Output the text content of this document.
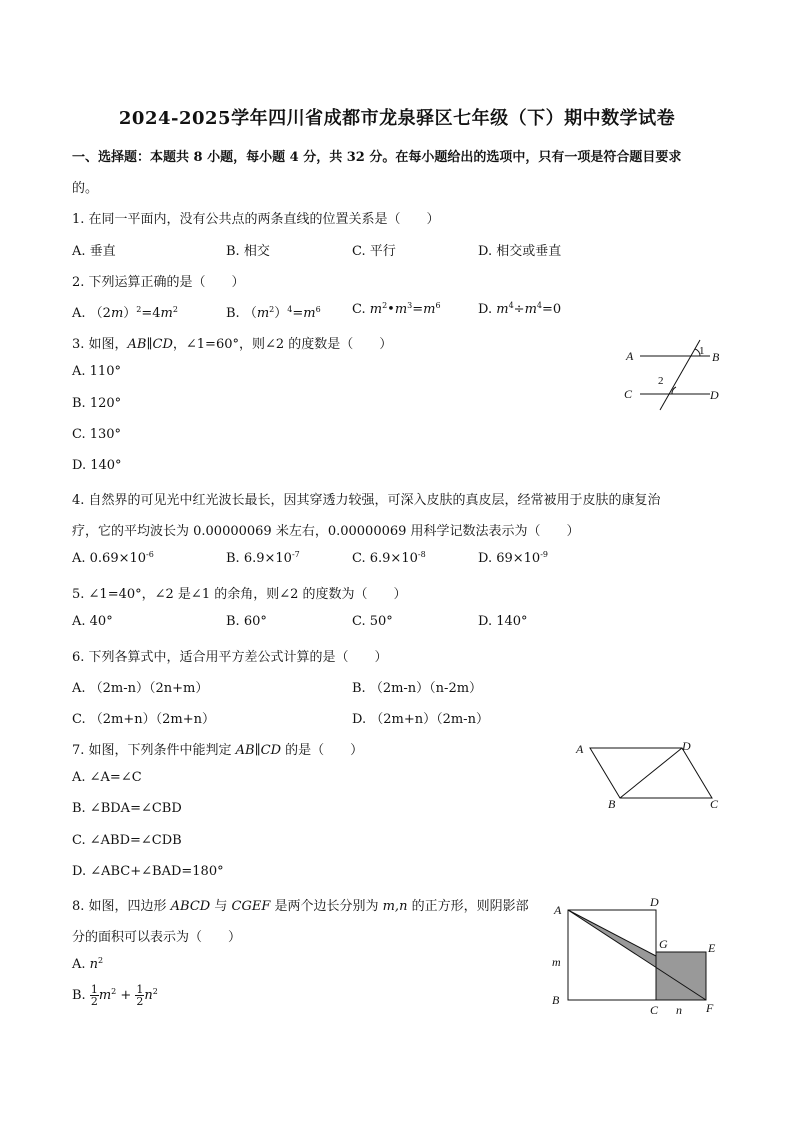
2024-2025学年四川省成都市龙泉驿区七年级（下）期中数学试卷
一、选择题：本题共 8 小题，每小题 4 分，共 32 分。在每小题给出的选项中，只有一项是符合题目要求
的。
1. 在同一平面内，没有公共点的两条直线的位置关系是（　　）
A. 垂直	B. 相交	C. 平行	D. 相交或垂直
2. 下列运算正确的是（　　）
A. $(2m)^2=4m^2$	B. $(m^2)^4=m^6$ C. $m^2•m^3=m^6$	D. $m^4\div m^4=0$
3. 如图，AB∥CD，∠1=60°，则∠2 的度数是（　　）
A. 110°
B. 120°
C. 130°
D. 140°
A	B
C	D
1
2
4. 自然界的可见光中红光波长最长，因其穿透力较强，可深入皮肤的真皮层，经常被用于皮肤的康复治
疗，它的平均波长为 0.00000069 米左右，0.00000069 用科学记数法表示为（　　）
A. $0.69\times 10^{-6}$	B. $6.9\times 10^{-7}$	C. $6.9\times 10^{-8}$	D. $69\times 10^{-9}$
5. ∠1=40°，∠2 是∠1 的余角，则∠2 的度数为（　　）
A. 40°	B. 60°	C. 50°	D. 140°
6. 下列各算式中，适合用平方差公式计算的是（　　）
A. （2m-n）（2n+m）	B. （2m-n）（n-2m）
C. （2m+n）（2m+n）	D. （2m+n）（2m-n）
7. 如图，下列条件中能判定 AB∥CD 的是（　　）
A. ∠A=∠C
B. ∠BDA=∠CBD
C. ∠ABD=∠CDB
D. ∠ABC+∠BAD=180°
A	D
B	C
8. 如图，四边形 ABCD 与 CGEF 是两个边长分别为 m,n 的正方形，则阴影部
分的面积可以表示为（　　）
A. $n^2$
B. $\frac{1}{2} m^2 + \frac{1}{2} n^2$
A
D
G	E
B
C	F
m
n
